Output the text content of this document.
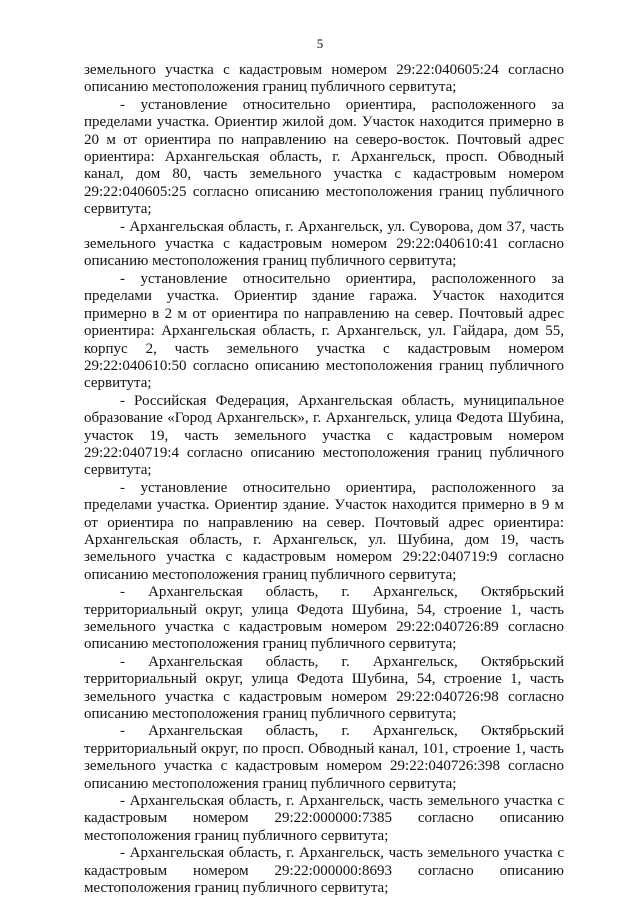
5

земельного участка с кадастровым номером 29:22:040605:24 согласно описанию местоположения границ публичного сервитута;

- установление относительно ориентира, расположенного за пределами участка. Ориентир жилой дом. Участок находится примерно в 20 м от ориентира по направлению на северо-восток. Почтовый адрес ориентира: Архангельская область, г. Архангельск, просп. Обводный канал, дом 80, часть земельного участка с кадастровым номером 29:22:040605:25 согласно описанию местоположения границ публичного сервитута;

- Архангельская область, г. Архангельск, ул. Суворова, дом 37, часть земельного участка с кадастровым номером 29:22:040610:41 согласно описанию местоположения границ публичного сервитута;

- установление относительно ориентира, расположенного за пределами участка. Ориентир здание гаража. Участок находится примерно в 2 м от ориентира по направлению на север. Почтовый адрес ориентира: Архангельская область, г. Архангельск, ул. Гайдара, дом 55, корпус 2, часть земельного участка с кадастровым номером 29:22:040610:50 согласно описанию местоположения границ публичного сервитута;

- Российская Федерация, Архангельская область, муниципальное образование «Город Архангельск», г. Архангельск, улица Федота Шубина, участок 19, часть земельного участка с кадастровым номером 29:22:040719:4 согласно описанию местоположения границ публичного сервитута;

- установление относительно ориентира, расположенного за пределами участка. Ориентир здание. Участок находится примерно в 9 м от ориентира по направлению на север. Почтовый адрес ориентира: Архангельская область, г. Архангельск, ул. Шубина, дом 19, часть земельного участка с кадастровым номером 29:22:040719:9 согласно описанию местоположения границ публичного сервитута;

- Архангельская область, г. Архангельск, Октябрьский территориальный округ, улица Федота Шубина, 54, строение 1, часть земельного участка с кадастровым номером 29:22:040726:89 согласно описанию местоположения границ публичного сервитута;

- Архангельская область, г. Архангельск, Октябрьский территориальный округ, улица Федота Шубина, 54, строение 1, часть земельного участка с кадастровым номером 29:22:040726:98 согласно описанию местоположения границ публичного сервитута;

- Архангельская область, г. Архангельск, Октябрьский территориальный округ, по просп. Обводный канал, 101, строение 1, часть земельного участка с кадастровым номером 29:22:040726:398 согласно описанию местоположения границ публичного сервитута;

- Архангельская область, г. Архангельск, часть земельного участка с кадастровым номером 29:22:000000:7385 согласно описанию местоположения границ публичного сервитута;

- Архангельская область, г. Архангельск, часть земельного участка с кадастровым номером 29:22:000000:8693 согласно описанию местоположения границ публичного сервитута;
